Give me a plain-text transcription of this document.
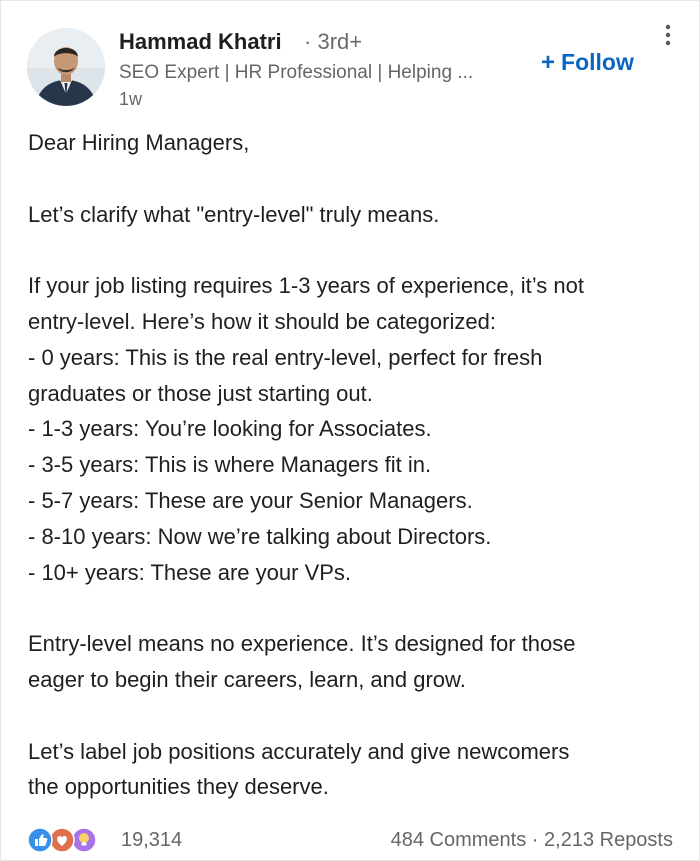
Hammad Khatri · 3rd+
SEO Expert | HR Professional | Helping ...
1w
+ Follow
Dear Hiring Managers,
Let’s clarify what "entry-level" truly means.
If your job listing requires 1-3 years of experience, it’s not
entry-level. Here’s how it should be categorized:
- 0 years: This is the real entry-level, perfect for fresh
graduates or those just starting out.
- 1-3 years: You’re looking for Associates.
- 3-5 years: This is where Managers fit in.
- 5-7 years: These are your Senior Managers.
- 8-10 years: Now we’re talking about Directors.
- 10+ years: These are your VPs.
Entry-level means no experience. It’s designed for those
eager to begin their careers, learn, and grow.
Let’s label job positions accurately and give newcomers
the opportunities they deserve.
19,314	484 Comments · 2,213 Reposts
